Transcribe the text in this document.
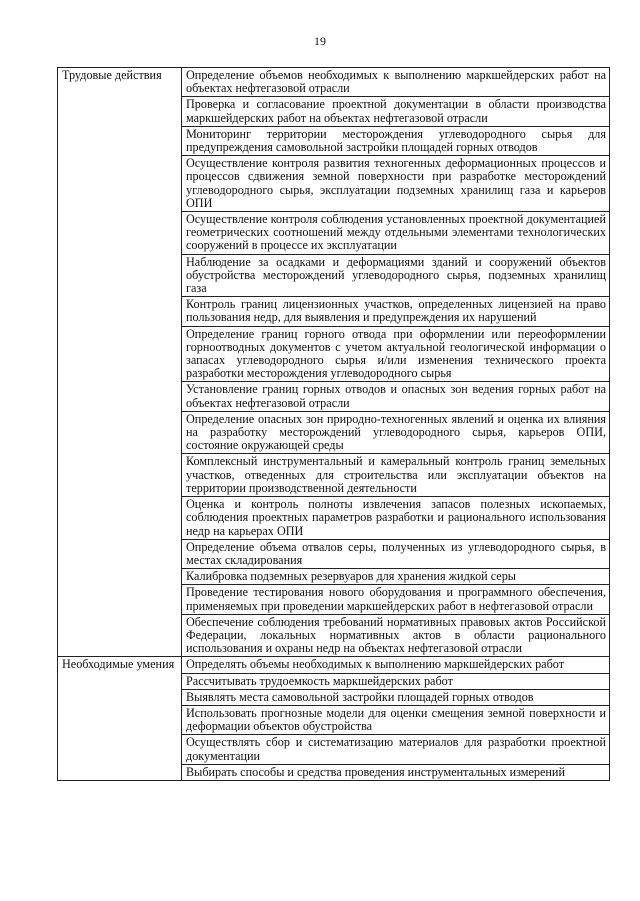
19
Трудовые действия	Определение объемов необходимых к выполнению маркшейдерских работ на объектах нефтегазовой отрасли
	Проверка и согласование проектной документации в области производства маркшейдерских работ на объектах нефтегазовой отрасли
	Мониторинг территории месторождения углеводородного сырья для предупреждения самовольной застройки площадей горных отводов
	Осуществление контроля развития техногенных деформационных процессов и процессов сдвижения земной поверхности при разработке месторождений углеводородного сырья, эксплуатации подземных хранилищ газа и карьеров ОПИ
	Осуществление контроля соблюдения установленных проектной документацией геометрических соотношений между отдельными элементами технологических сооружений в процессе их эксплуатации
	Наблюдение за осадками и деформациями зданий и сооружений объектов обустройства месторождений углеводородного сырья, подземных хранилищ газа
	Контроль границ лицензионных участков, определенных лицензией на право пользования недр, для выявления и предупреждения их нарушений
	Определение границ горного отвода при оформлении или переоформлении горноотводных документов с учетом актуальной геологической информации о запасах углеводородного сырья и/или изменения технического проекта разработки месторождения углеводородного сырья
	Установление границ горных отводов и опасных зон ведения горных работ на объектах нефтегазовой отрасли
	Определение опасных зон природно-техногенных явлений и оценка их влияния на разработку месторождений углеводородного сырья, карьеров ОПИ, состояние окружающей среды
	Комплексный инструментальный и камеральный контроль границ земельных участков, отведенных для строительства или эксплуатации объектов на территории производственной деятельности
	Оценка и контроль полноты извлечения запасов полезных ископаемых, соблюдения проектных параметров разработки и рационального использования недр на карьерах ОПИ
	Определение объема отвалов серы, полученных из углеводородного сырья, в местах складирования
	Калибровка подземных резервуаров для хранения жидкой серы
	Проведение тестирования нового оборудования и программного обеспечения, применяемых при проведении маркшейдерских работ в нефтегазовой отрасли
	Обеспечение соблюдения требований нормативных правовых актов Российской Федерации, локальных нормативных актов в области рационального использования и охраны недр на объектах нефтегазовой отрасли
Необходимые умения	Определять объемы необходимых к выполнению маркшейдерских работ
	Рассчитывать трудоемкость маркшейдерских работ
	Выявлять места самовольной застройки площадей горных отводов
	Использовать прогнозные модели для оценки смещения земной поверхности и деформации объектов обустройства
	Осуществлять сбор и систематизацию материалов для разработки проектной документации
	Выбирать способы и средства проведения инструментальных измерений
